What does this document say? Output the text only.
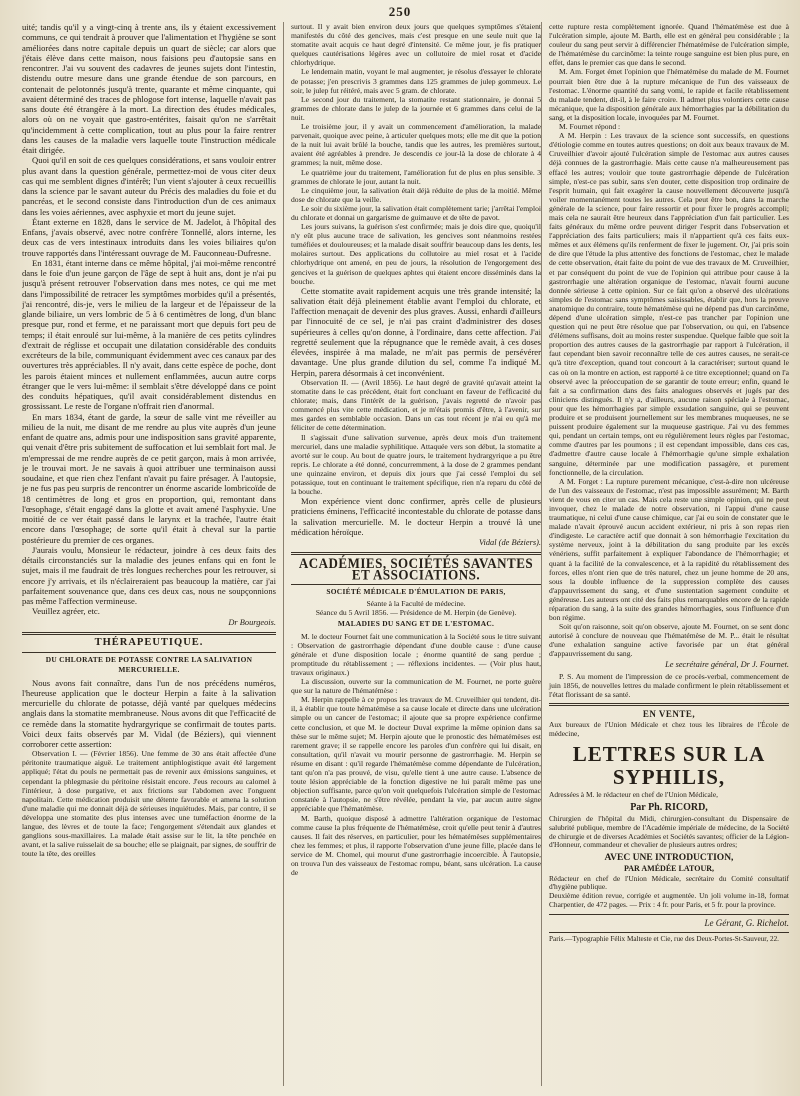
250

uité; tandis qu'il y a vingt-cinq à trente ans, ils y étaient excessivement communs, ce qui tendrait à prouver que l'alimentation et l'hygiène se sont améliorées dans notre capitale depuis un quart de siècle; car alors que j'étais élève dans cette maison, nous faisions peu d'autopsie sans en rencontrer. J'ai vu souvent des cadavres de jeunes sujets dont l'intestin, distendu outre mesure dans une grande étendue de son parcours, en contenait de pelotonnés jusqu'à trente, quarante et même cinquante, qui avaient déterminé des traces de phlogose fort intense, laquelle n'avait pas sans doute été étrangère à la mort. La direction des études médicales, alors où on ne voyait que gastro-entérites, faisait qu'on ne s'arrêtait qu'incidemment à cette complication, tout au plus pour la faire rentrer dans les causes de la maladie vers laquelle toute l'instruction médicale était dirigée.

Quoi qu'il en soit de ces quelques considérations, et sans vouloir entrer plus avant dans la question générale, permettez-moi de vous citer deux cas qui me semblent dignes d'intérêt; l'un vient s'ajouter à ceux recueillis dans la science par le savant auteur du Précis des maladies du foie et du pancréas, et le second consiste dans l'introduction d'un de ces animaux dans les voies aériennes, avec asphyxie et mort du jeune sujet.

Étant externe en 1828, dans le service de M. Jadelot, à l'hôpital des Enfans, j'avais observé, avec notre confrère Tonnellé, alors interne, les deux cas de vers intestinaux introduits dans les voies biliaires qu'on trouve rapportés dans l'intéressant ouvrage de M. Fauconneau-Dufresne.

En 1831, étant interne dans ce même hôpital, j'ai moi-même rencontré dans le foie d'un jeune garçon de l'âge de sept à huit ans, dont je n'ai pu jusqu'à présent retrouver l'observation dans mes notes, ce qui me met dans l'impossibilité de retracer les symptômes morbides qu'il a présentés, j'ai rencontré, dis-je, vers le milieu de la largeur et de l'épaisseur de la glande biliaire, un vers lombric de 5 à 6 centimètres de long, d'un blanc presque pur, rond et ferme, et ne paraissant mort que depuis fort peu de temps; il était enroulé sur lui-même, à la manière de ces petits cylindres d'extrait de réglisse et occupait une dilatation considérable des conduits excréteurs de la bile, communiquant évidemment avec ces canaux par des ouvertures très appréciables. Il n'y avait, dans cette espèce de poche, dont les parois étaient minces et nullement enflammées, aucun autre corps étranger que le vers lui-même: il semblait s'être développé dans ce point des conduits hépatiques, qu'il avait considérablement distendus en grossissant. Le reste de l'organe n'offrait rien d'anormal.

En mars 1834, étant de garde, la sœur de salle vint me réveiller au milieu de la nuit, me disant de me rendre au plus vite auprès d'un jeune enfant de quatre ans, admis pour une indisposition sans gravité apparente, qui venait d'être pris subitement de suffocation et lui semblait fort mal. Je m'empressai de me rendre auprès de ce petit garçon, mais à mon arrivée, je le trouvai mort. Je ne savais à quoi attribuer une terminaison aussi soudaine, et que rien chez l'enfant n'avait pu faire présager. À l'autopsie, je ne fus pas peu surpris de rencontrer un énorme ascaride lombricoïde de 18 centimètres de long et gros en proportion, qui, remontant dans l'œsophage, s'était engagé dans la glotte et avait amené l'asphyxie. Une moitié de ce ver était passé dans le larynx et la trachée, l'autre était encore dans l'œsophage; de sorte qu'il était à cheval sur la partie postérieure du premier de ces organes.

J'aurais voulu, Monsieur le rédacteur, joindre à ces deux faits des détails circonstanciés sur la maladie des jeunes enfans qui en font le sujet, mais il me faudrait de très longues recherches pour les retrouver, si encore j'y arrivais, et ils n'éclaireraient pas beaucoup la matière, car j'ai parfaitement souvenance que, dans ces deux cas, nous ne soupçonnions pas même l'affection vermineuse.

Veuillez agréer, etc.

Dr Bourgeois.
THÉRAPEUTIQUE.
DU CHLORATE DE POTASSE CONTRE LA SALIVATION MERCURIELLE.

Nous avons fait connaître, dans l'un de nos précédens numéros, l'heureuse application que le docteur Herpin a faite à la salivation mercurielle du chlorate de potasse, déjà vanté par quelques médecins anglais dans la stomatite membraneuse. Nous avons dit que l'efficacité de ce remède dans la stomatite hydrargyrique se confirmait de toutes parts. Voici deux faits observés par M. Vidal (de Béziers), qui viennent corroborer cette assertion:

Observation I. — (Février 1856). Une femme de 30 ans était affectée d'une péritonite traumatique aiguë. Le traitement antiphlogistique avait été largement appliqué; l'état du pouls ne permettait pas de revenir aux émissions sanguines, et cependant la phlegmasie du péritoine résistait encore. J'eus recours au calomel à l'intérieur, à dose purgative, et aux frictions sur l'abdomen avec l'onguent napolitain. Cette médication produisit une détente favorable et amena la solution d'une maladie qui me donnait déjà de sérieuses inquiétudes. Mais, par contre, il se développa une stomatite des plus intenses avec une tuméfaction énorme de la langue, des lèvres et de toute la face; l'engorgement s'étendait aux glandes et ganglions sous-maxillaires. La malade était assise sur le lit, la tête penchée en avant, et la salive ruisselait de sa bouche; elle se plaignait, par signes, de souffrir de toute la tête, des oreilles

surtout. Il y avait bien environ deux jours que quelques symptômes s'étaient manifestés du côté des gencives, mais c'est presque en une seule nuit que la stomatite avait acquis ce haut degré d'intensité. Ce même jour, je fis pratiquer quelques cautérisations légères avec un collutoire de miel rosat et d'acide chlorhydrique.

Le lendemain matin, voyant le mal augmenter, je résolus d'essayer le chlorate de potasse; j'en prescrivis 3 grammes dans 125 grammes de julep gommeux. Le soir, le julep fut réitéré, mais avec 5 gram. de chlorate.

Le second jour du traitement, la stomatite restant stationnaire, je donnai 5 grammes de chlorate dans le julep de la journée et 6 grammes dans celui de la nuit.

Le troisième jour, il y avait un commencement d'amélioration, la malade parvenait, quoique avec peine, à articuler quelques mots; elle me dit que la potion de la nuit lui avait brûlé la bouche, tandis que les autres, les premières surtout, avaient été agréables à prendre. Je descendis ce jour-là la dose de chlorate à 4 grammes; la nuit, même dose.

Le quatrième jour du traitement, l'amélioration fut de plus en plus sensible. 3 grammes de chlorate le jour, autant la nuit.

Le cinquième jour, la salivation était déjà réduite de plus de la moitié. Même dose de chlorate que la veille.

Le soir du sixième jour, la salivation était complètement tarie; j'arrêtai l'emploi du chlorate et donnai un gargarisme de guimauve et de tête de pavot.

Les jours suivans, la guérison s'est confirmée; mais je dois dire que, quoiqu'il n'y eût plus aucune trace de salivation, les gencives sont néanmoins restées tuméfiées et douloureuses; et la malade disait souffrir beaucoup dans les dents, les molaires surtout. Des applications du collutoire au miel rosat et à l'acide chlorhydrique ont amené, en peu de jours, la résolution de l'engorgement des gencives et la guérison de quelques aphtes qui étaient encore disséminés dans la bouche.

Cette stomatite avait rapidement acquis une très grande intensité; la salivation était déjà pleinement établie avant l'emploi du chlorate, et l'affection menaçait de devenir des plus graves. Aussi, enhardi d'ailleurs par l'innocuité de ce sel, je n'ai pas craint d'administrer des doses supérieures à celles qu'on donne, à l'ordinaire, dans cette affection. J'ai regretté seulement que la répugnance que le remède avait, à ces doses élevées, inspirée à ma malade, ne m'ait pas permis de persévérer davantage. Une plus grande dilution du sel, comme l'a indiqué M. Herpin, parera désormais à cet inconvénient.

Observation II. — (Avril 1856). Le haut degré de gravité qu'avait atteint la stomatite dans le cas précédent, était fort concluant en faveur de l'efficacité du chlorate; mais, dans l'intérêt de la guérison, j'avais regretté de n'avoir pas commencé plus vite cette médication, et je m'étais promis d'être, à l'avenir, sur mes gardes en semblable occasion. Dans un cas tout récent je n'ai eu qu'à me féliciter de cette détermination.

Il s'agissait d'une salivation survenue, après deux mois d'un traitement mercuriel, dans une maladie syphilitique. Attaquée vers son début, la stomatite a avorté sur le coup. Au bout de quatre jours, le traitement hydrargyrique a pu être repris. Le chlorate a été donné, concurremment, à la dose de 2 grammes pendant une quinzaine environ, et depuis dix jours que j'ai cessé l'emploi du sel potassique, tout en continuant le traitement spécifique, rien n'a reparu du côté de la bouche.

Mon expérience vient donc confirmer, après celle de plusieurs praticiens éminens, l'efficacité incontestable du chlorate de potasse dans la salivation mercurielle. M. le docteur Herpin a trouvé là une médication héroïque.

Vidal (de Béziers).
ACADÉMIES, SOCIÉTÉS SAVANTES ET ASSOCIATIONS.
SOCIÉTÉ MÉDICALE D'ÉMULATION DE PARIS,

Séante à la Faculté de médecine.

Séance du 5 Avril 1856. — Présidence de M. Herpin (de Genève).

MALADIES DU SANG ET DE L'ESTOMAC.

M. le docteur Fournet fait une communication à la Société sous le titre suivant : Observation de gastrorrhagie dépendant d'une double cause : d'une cause générale et d'une disposition locale ; énorme quantité de sang perdue ; promptitude du rétablissement ; — réflexions incidentes. — (Voir plus haut, travaux originaux.)

La discussion, ouverte sur la communication de M. Fournet, ne porte guère que sur la nature de l'hématémèse :

M. Herpin rappelle à ce propos les travaux de M. Cruveilhier qui tendent, dit-il, à établir que toute hématémèse a sa cause locale et directe dans une ulcération simple ou un cancer de l'estomac; il ajoute que sa propre expérience confirme cette conclusion, et que M. le docteur Duval exprime la même opinion dans sa thèse sur le même sujet; M. Herpin ajoute que le pronostic des hématémèses est rarement grave; il se rappelle encore les paroles d'un confrère qui lui disait, en consultation, qu'il n'avait vu mourir personne de gastrorrhagie. M. Herpin se résume en disant : qu'il regarde l'hématémèse comme dépendante de l'ulcération, tant qu'on n'a pas prouvé, de visu, qu'elle tient à une autre cause. L'absence de toute lésion appréciable de la fonction digestive ne lui paraît même pas une objection suffisante, parce qu'on voit quelquefois l'ulcération simple de l'estomac constatée à l'autopsie, ne s'être révélée, pendant la vie, par aucun autre signe appréciable que l'hématémèse.

M. Barth, quoique disposé à admettre l'altération organique de l'estomac comme cause la plus fréquente de l'hématémèse, croit qu'elle peut tenir à d'autres causes. Il fait des réserves, en particulier, pour les hématémèses supplémentaires chez les femmes; et plus, il rapporte l'observation d'une jeune fille, placée dans le service de M. Chomel, qui mourut d'une gastrorrhagie incoercible. À l'autopsie, on trouva l'un des vaisseaux de l'estomac rompu, béant, sans ulcération. La cause de

cette rupture resta complètement ignorée. Quand l'hématémèse est due à l'ulcération simple, ajoute M. Barth, elle est en général peu considérable ; la couleur du sang peut servir à différencier l'hématémèse de l'ulcération simple, de l'hématémèse du carcinôme: la teinte rouge sanguine est bien plus pure, en effet, dans le premier cas que dans le second.

M. Am. Forget émet l'opinion que l'hématémèse du malade de M. Fournet pourrait bien être due à la rupture mécanique de l'un des vaisseaux de l'estomac. L'énorme quantité du sang vomi, le rapide et facile rétablissement du malade tendent, dit-il, à le faire croire. Il admet plus volontiers cette cause mécanique, que la disposition générale aux hémorrhagies par la débilitation du sang, et la disposition locale, invoquées par M. Fournet.

M. Fournet répond :

A M. Herpin : Les travaux de la science sont successifs, en questions d'étiologie comme en toutes autres questions; on doit aux beaux travaux de M. Cruveilhier d'avoir ajouté l'ulcération simple de l'estomac aux autres causes déjà connues de la gastrorrhagie. Mais cette cause n'a malheureusement pas effacé les autres; vouloir que toute gastrorrhagie dépende de l'ulcération simple, n'est-ce pas subir, sans s'en douter, cette disposition trop ordinaire de l'esprit humain, qui fait exagérer la cause nouvellement découverte jusqu'à voiler momentanément toutes les autres. Cela peut être bon, dans la marche générale de la science, pour faire ressortir et pour fixer le progrès accompli; mais cela ne saurait être heureux dans l'appréciation d'un fait particulier. Les faits généraux du même ordre peuvent diriger l'esprit dans l'observation et l'appréciation des faits particuliers; mais il n'appartient qu'à ces faits eux-mêmes et aux élémens qu'ils renferment de fixer le jugement. Or, j'ai pris soin de dire que l'étude la plus attentive des fonctions de l'estomac, chez le malade de cette observation, était faite du point de vue des travaux de M. Cruveilhier, et par conséquent du point de vue de l'opinion qui attribue pour cause à la gastrorrhagie une altération organique de l'estomac, n'avait fourni aucune donnée sérieuse à cette opinion. Sur ce fait qu'on a observé des ulcérations simples de l'estomac sans symptômes saisissables, établir que, hors la preuve anatomique du contraire, toute hématémèse qui ne dépend pas d'un carcinôme, dépend d'une ulcération simple, n'est-ce pas trancher par l'opinion une question qui ne peut être résolue que par l'observation, ou qui, en l'absence d'élémens suffisans, doit au moins rester suspendue. Quelque faible que soit la proportion des autres causes de la gastrorrhagie par rapport à l'ulcération, il faut cependant bien savoir reconnaître telle de ces autres causes, ne serait-ce qu'à titre d'exception, quand tout concourt à la caractériser; surtout quand le cas où on la montre en action, est rapporté à ce titre exceptionnel; quand on l'a observé avec la préoccupation de se garantir de toute erreur; enfin, quand le fait a sa confirmation dans des faits analogues observés et jugés par des cliniciens distingués. Il n'y a, d'ailleurs, aucune raison spéciale à l'estomac, pour que les hémorrhagies par simple exsudation sanguine, qui se peuvent produire et se produisent journellement sur les membranes muqueuses, ne se puissent produire également sur la muqueuse gastrique. J'ai vu des femmes qui, pendant un certain temps, ont eu régulièrement leurs règles par l'estomac, comme d'autres par les poumons ; il est cependant impossible, dans ces cas, d'admettre d'autre cause locale à l'hémorrhagie qu'une simple exhalation sanguine, déterminée par une modification passagère, et purement fonctionnelle, de la circulation.

A M. Forget : La rupture purement mécanique, c'est-à-dire non ulcéreuse de l'un des vaisseaux de l'estomac, n'est pas impossible assurément; M. Barth vient de vous en citer un cas. Mais cela reste une simple opinion, qui ne peut invoquer, chez le malade de notre observation, ni l'appui d'une cause traumatique, ni celui d'une cause chimique, car j'ai eu soin de constater que le malade n'avait éprouvé aucun accident extérieur, ni pris à son repas rien d'indigeste. Le caractère actif que donnait à son hémorrhagie l'excitation du système nerveux, joint à la débilitation du sang produite par les excès vénériens, suffit parfaitement à expliquer l'abondance de l'hémorrhagie; et quant à la facilité de la convalescence, et à la rapidité du rétablissement des forces, elles n'ont rien que de très naturel, chez un jeune homme de 20 ans, sous la double influence de la suppression complète des causes d'appauvrissement du sang, et d'une sustentation sagement conduite et généreuse. Les auteurs ont cité des faits plus remarquables encore de la rapide réparation du sang, à la suite des grandes hémorrhagies, sous l'influence d'un bon régime.

Soit qu'on raisonne, soit qu'on observe, ajoute M. Fournet, on se sent donc autorisé à conclure de nouveau que l'hématémèse de M. P... était le résultat d'une exhalation sanguine active favorisée par un état général d'appauvrissement du sang.

Le secrétaire général, Dr J. Fournet.

P. S. Au moment de l'impression de ce procès-verbal, commencement de juin 1856, de nouvelles lettres du malade confirment le plein rétablissement et l'état florissant de sa santé.

EN VENTE,

Aux bureaux de l'Union Médicale et chez tous les libraires de l'École de médecine,

LETTRES SUR LA SYPHILIS,

Adressées à M. le rédacteur en chef de l'Union Médicale,

Par Ph. RICORD,

Chirurgien de l'hôpital du Midi, chirurgien-consultant du Dispensaire de salubrité publique, membre de l'Académie impériale de médecine, de la Société de chirurgie et de diverses Académies et Sociétés savantes; officier de la Légion-d'Honneur, commandeur et chevalier de plusieurs autres ordres;

AVEC UNE INTRODUCTION,
PAR AMÉDÉE LATOUR,

Rédacteur en chef de l'Union Médicale, secrétaire du Comité consultatif d'hygiène publique.

Deuxième édition revue, corrigée et augmentée. Un joli volume in-18, format Charpentier, de 472 pages. — Prix : 4 fr. pour Paris, et 5 fr. pour la province.

Le Gérant, G. Richelot.

Paris.—Typographie Félix Malteste et Cie, rue des Deux-Portes-St-Sauveur, 22.
